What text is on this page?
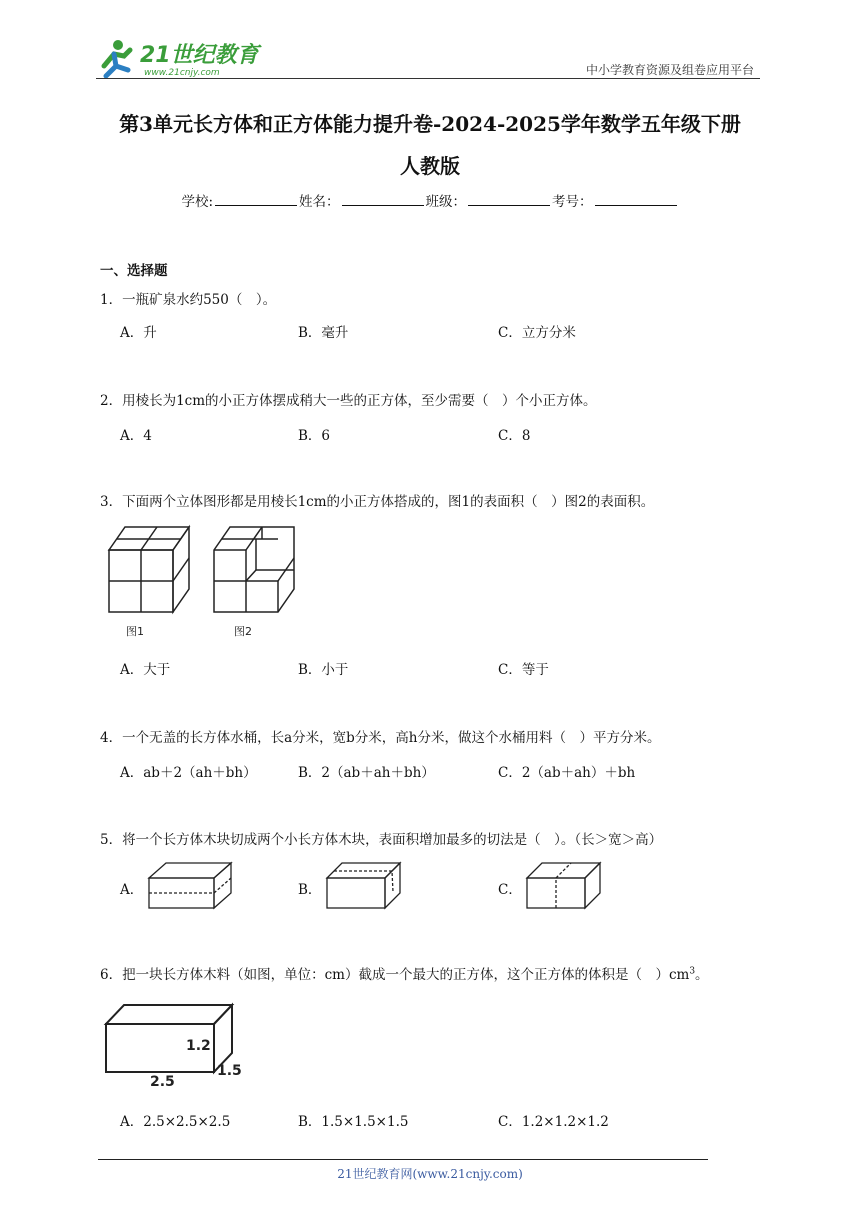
21世纪教育
www.21cnjy.com	中小学教育资源及组卷应用平台
第3单元长方体和正方体能力提升卷-2024-2025学年数学五年级下册
人教版
学校:	姓名：	班级：	考号：
一、选择题
1．一瓶矿泉水约550（　）。
A．升	B．毫升	C．立方分米
2．用棱长为1cm的小正方体摆成稍大一些的正方体，至少需要（　）个小正方体。
A．4	B．6	C．8
3．下面两个立体图形都是用棱长1cm的小正方体搭成的，图1的表面积（　）图2的表面积。
图1	图2
A．大于	B．小于	C．等于
4．一个无盖的长方体水桶，长a分米，宽b分米，高h分米，做这个水桶用料（　）平方分米。
A．ab＋2（ah＋bh）	B．2（ab＋ah＋bh）	C．2（ab＋ah）＋bh
5．将一个长方体木块切成两个小长方体木块，表面积增加最多的切法是（　）。（长＞宽＞高）
A．	B．	C．
6．把一块长方体木料（如图，单位：cm）截成一个最大的正方体，这个正方体的体积是（　）$cm^3$。
1.2
2.5
1.5
A．2.5×2.5×2.5	B．1.5×1.5×1.5	C．1.2×1.2×1.2
21世纪教育网(www.21cnjy.com)
